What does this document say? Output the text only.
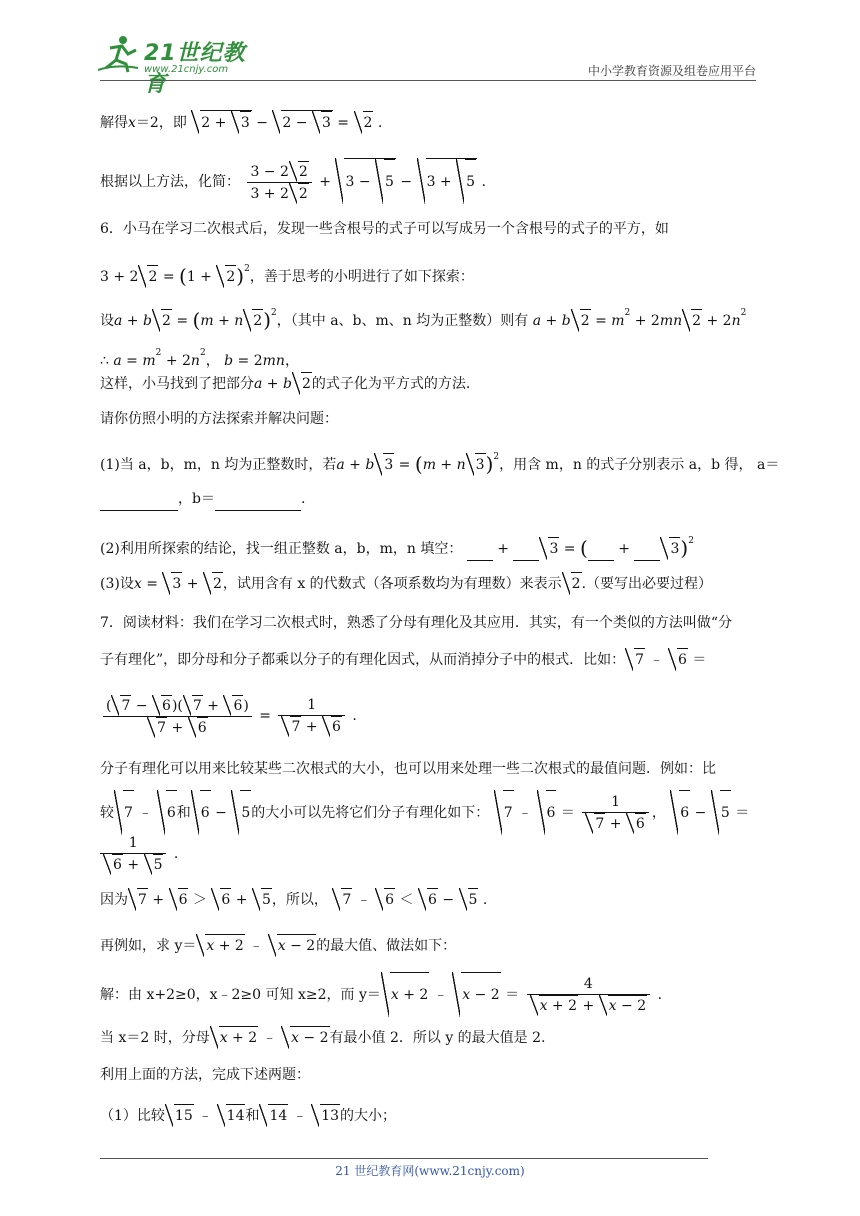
21世纪教育
www.21cnjy.com	中小学教育资源及组卷应用平台
解得x＝2，即 2 + 3 − 2 − 3 = 2 .
根据以上方法，化简： $\frac{3 - 2 2}{3 + 2 2} + 3 - 5 - 3 + 5$ .
6．小马在学习二次根式后，发现一些含根号的式子可以写成另一个含根号的式子的平方，如
3 + 2 $2 = (1 + 2)^2$，善于思考的小明进行了如下探索：
设a + b 2 = (m + n 2)$^2$，（其中 a、b、m、n 均为正整数）则有 a + b $2 = m^2 + 2mn$ $2 + 2n^2$
∴ $a = m^2 + 2n^2$， b = 2mn，
这样，小马找到了把部分a + b 2的式子化为平方式的方法.
请你仿照小明的方法探索并解决问题：
(1)当 a，b，m，n 均为正整数时，若a + b 3 = (m + n 3)$^2$，用含 m，n 的式子分别表示 a，b 得， a＝
，b＝	.
(2)利用所探索的结论，找一组正整数 a，b，m，n 填空：   +	3 = (  +	3)$^2$
(3)设x = 3 + 2，试用含有 x 的代数式（各项系数均为有理数）来表示 2.（要写出必要过程）
7．阅读材料：我们在学习二次根式时，熟悉了分母有理化及其应用．其实，有一个类似的方法叫做“分
子有理化”，即分母和分子都乘以分子的有理化因式，从而消掉分子中的根式．比如： 7 ﹣ 6 ＝
$\frac{( 7 - 6)( 7 + 6)}{7 + 6} = \frac{1}{7 + 6}$ .
分子有理化可以用来比较某些二次根式的大小，也可以用来处理一些二次根式的最值问题．例如：比
较 7 ﹣ 6和 6 − 5的大小可以先将它们分子有理化如下： 7 ﹣ $6 = \frac{1}{7 + 6}$ ， 6 − 5 ＝
$\frac{1}{6 + 5}$ .
因为 7 + 6 ＞ 6 + 5，所以， 7 ﹣ 6 ＜ 6 − 5 .
再例如，求 y＝ x + 2 ﹣ x − 2的最大值、做法如下：
解：由 x+2≥0，x﹣2≥0 可知 x≥2，而 y＝ x + 2 ﹣ $x - 2 = \frac{4}{x + 2 + x - 2}$ .
当 x＝2 时，分母 x + 2 ﹣ x − 2有最小值 2．所以 y 的最大值是 2.
利用上面的方法，完成下述两题：
（1）比较 15 ﹣ 14和 14 ﹣ 13的大小；
21 世纪教育网(www.21cnjy.com)
